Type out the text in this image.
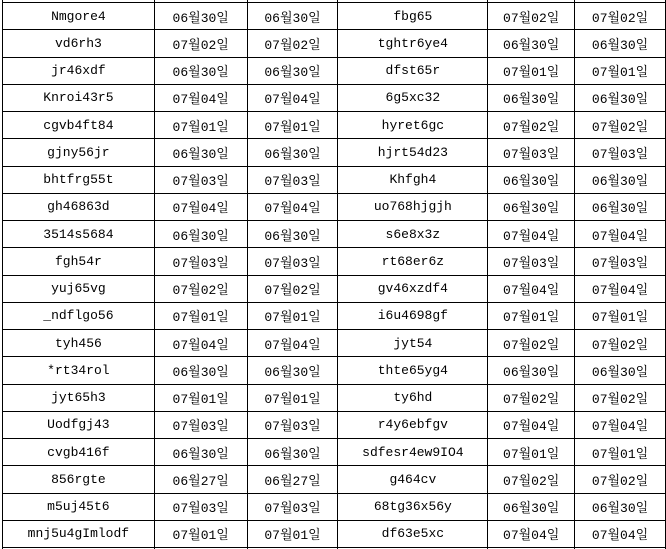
Nmgore4	06월30일	06월30일	fbg65	07월02일	07월02일
vd6rh3	07월02일	07월02일	tghtr6ye4	06월30일	06월30일
jr46xdf	06월30일	06월30일	dfst65r	07월01일	07월01일
Knroi43r5	07월04일	07월04일	6g5xc32	06월30일	06월30일
cgvb4ft84	07월01일	07월01일	hyret6gc	07월02일	07월02일
gjny56jr	06월30일	06월30일	hjrt54d23	07월03일	07월03일
bhtfrg55t	07월03일	07월03일	Khfgh4	06월30일	06월30일
gh46863d	07월04일	07월04일	uo768hjgjh	06월30일	06월30일
3514s5684	06월30일	06월30일	s6e8x3z	07월04일	07월04일
fgh54r	07월03일	07월03일	rt68er6z	07월03일	07월03일
yuj65vg	07월02일	07월02일	gv46xzdf4	07월04일	07월04일
_ndflgo56	07월01일	07월01일	i6u4698gf	07월01일	07월01일
tyh456	07월04일	07월04일	jyt54	07월02일	07월02일
*rt34rol	06월30일	06월30일	thte65yg4	06월30일	06월30일
jyt65h3	07월01일	07월01일	ty6hd	07월02일	07월02일
Uodfgj43	07월03일	07월03일	r4y6ebfgv	07월04일	07월04일
cvgb416f	06월30일	06월30일	sdfesr4ew9IO4	07월01일	07월01일
856rgte	06월27일	06월27일	g464cv	07월02일	07월02일
m5uj45t6	07월03일	07월03일	68tg36x56y	06월30일	06월30일
mnj5u4gImlodf	07월01일	07월01일	df63e5xc	07월04일	07월04일
